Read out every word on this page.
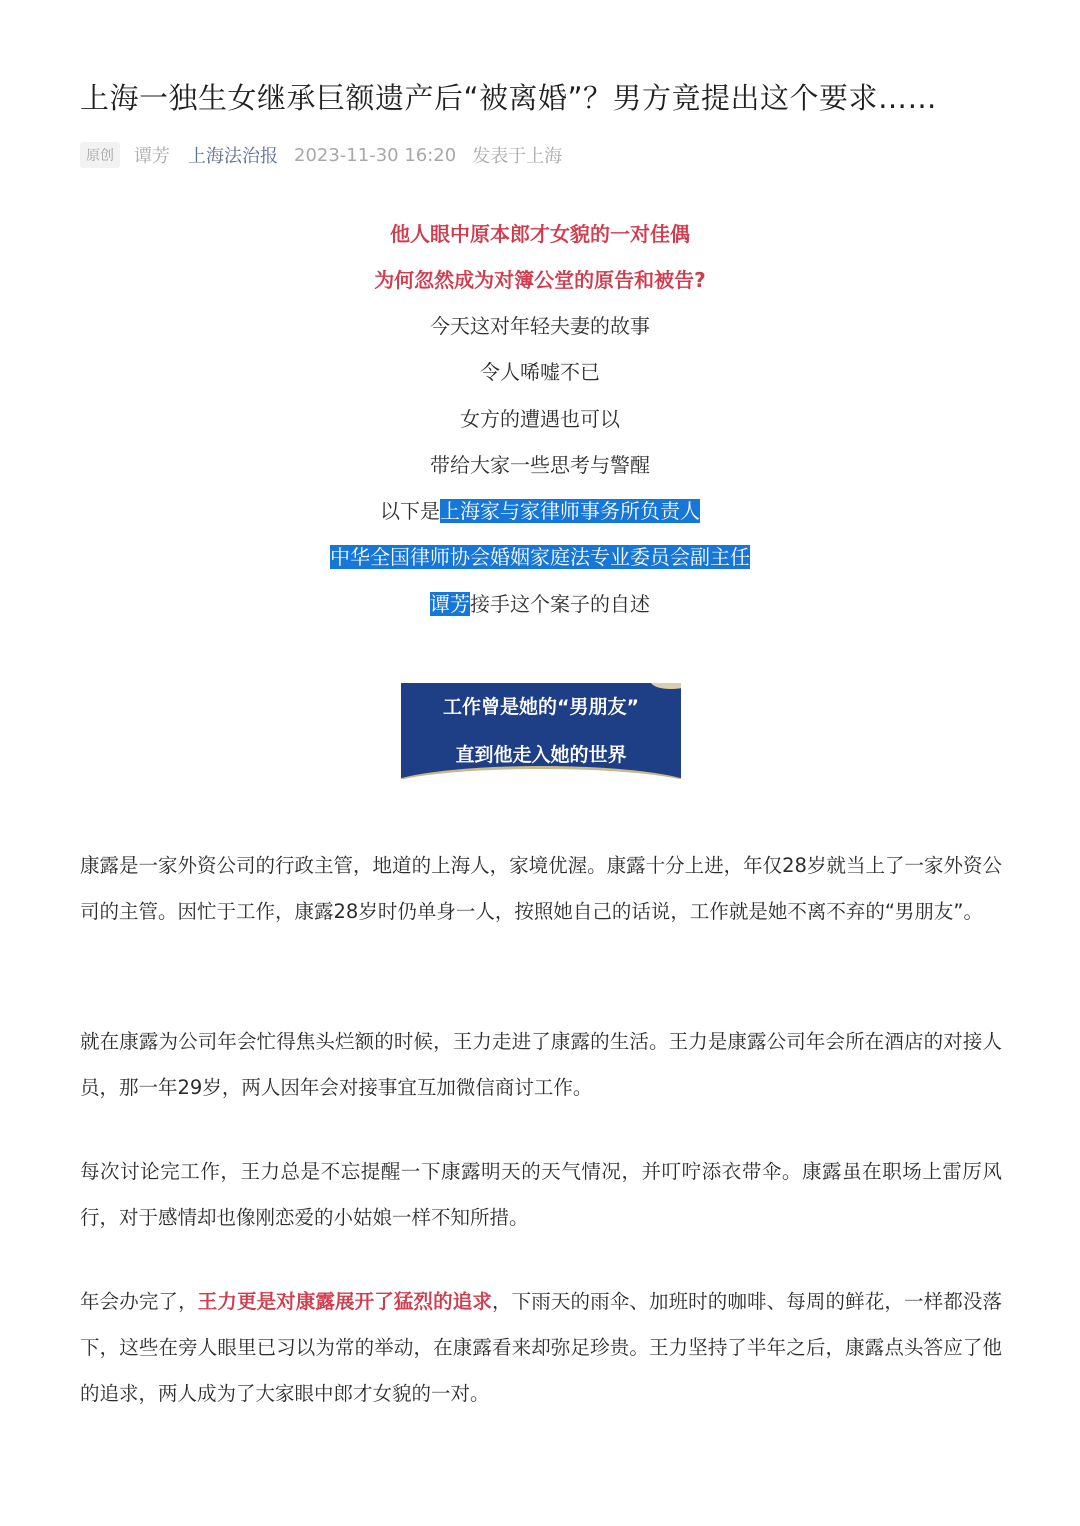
上海一独生女继承巨额遗产后“被离婚”？男方竟提出这个要求……
原创	谭芳 上海法治报 2023-11-30 16:20 发表于上海
他人眼中原本郎才女貌的一对佳偶
为何忽然成为对簿公堂的原告和被告?
今天这对年轻夫妻的故事
令人唏嘘不已
女方的遭遇也可以
带给大家一些思考与警醒
以下是上海家与家律师事务所负责人
中华全国律师协会婚姻家庭法专业委员会副主任
谭芳接手这个案子的自述
工作曾是她的“男朋友”
直到他走入她的世界
康露是一家外资公司的行政主管，地道的上海人，家境优渥。康露十分上进，年仅28岁就当上了一家外资公司的主管。因忙于工作，康露28岁时仍单身一人，按照她自己的话说，工作就是她不离不弃的“男朋友”。
就在康露为公司年会忙得焦头烂额的时候，王力走进了康露的生活。王力是康露公司年会所在酒店的对接人员，那一年29岁，两人因年会对接事宜互加微信商讨工作。
每次讨论完工作，王力总是不忘提醒一下康露明天的天气情况，并叮咛添衣带伞。康露虽在职场上雷厉风行，对于感情却也像刚恋爱的小姑娘一样不知所措。
年会办完了，王力更是对康露展开了猛烈的追求，下雨天的雨伞、加班时的咖啡、每周的鲜花，一样都没落下，这些在旁人眼里已习以为常的举动，在康露看来却弥足珍贵。王力坚持了半年之后，康露点头答应了他的追求，两人成为了大家眼中郎才女貌的一对。
